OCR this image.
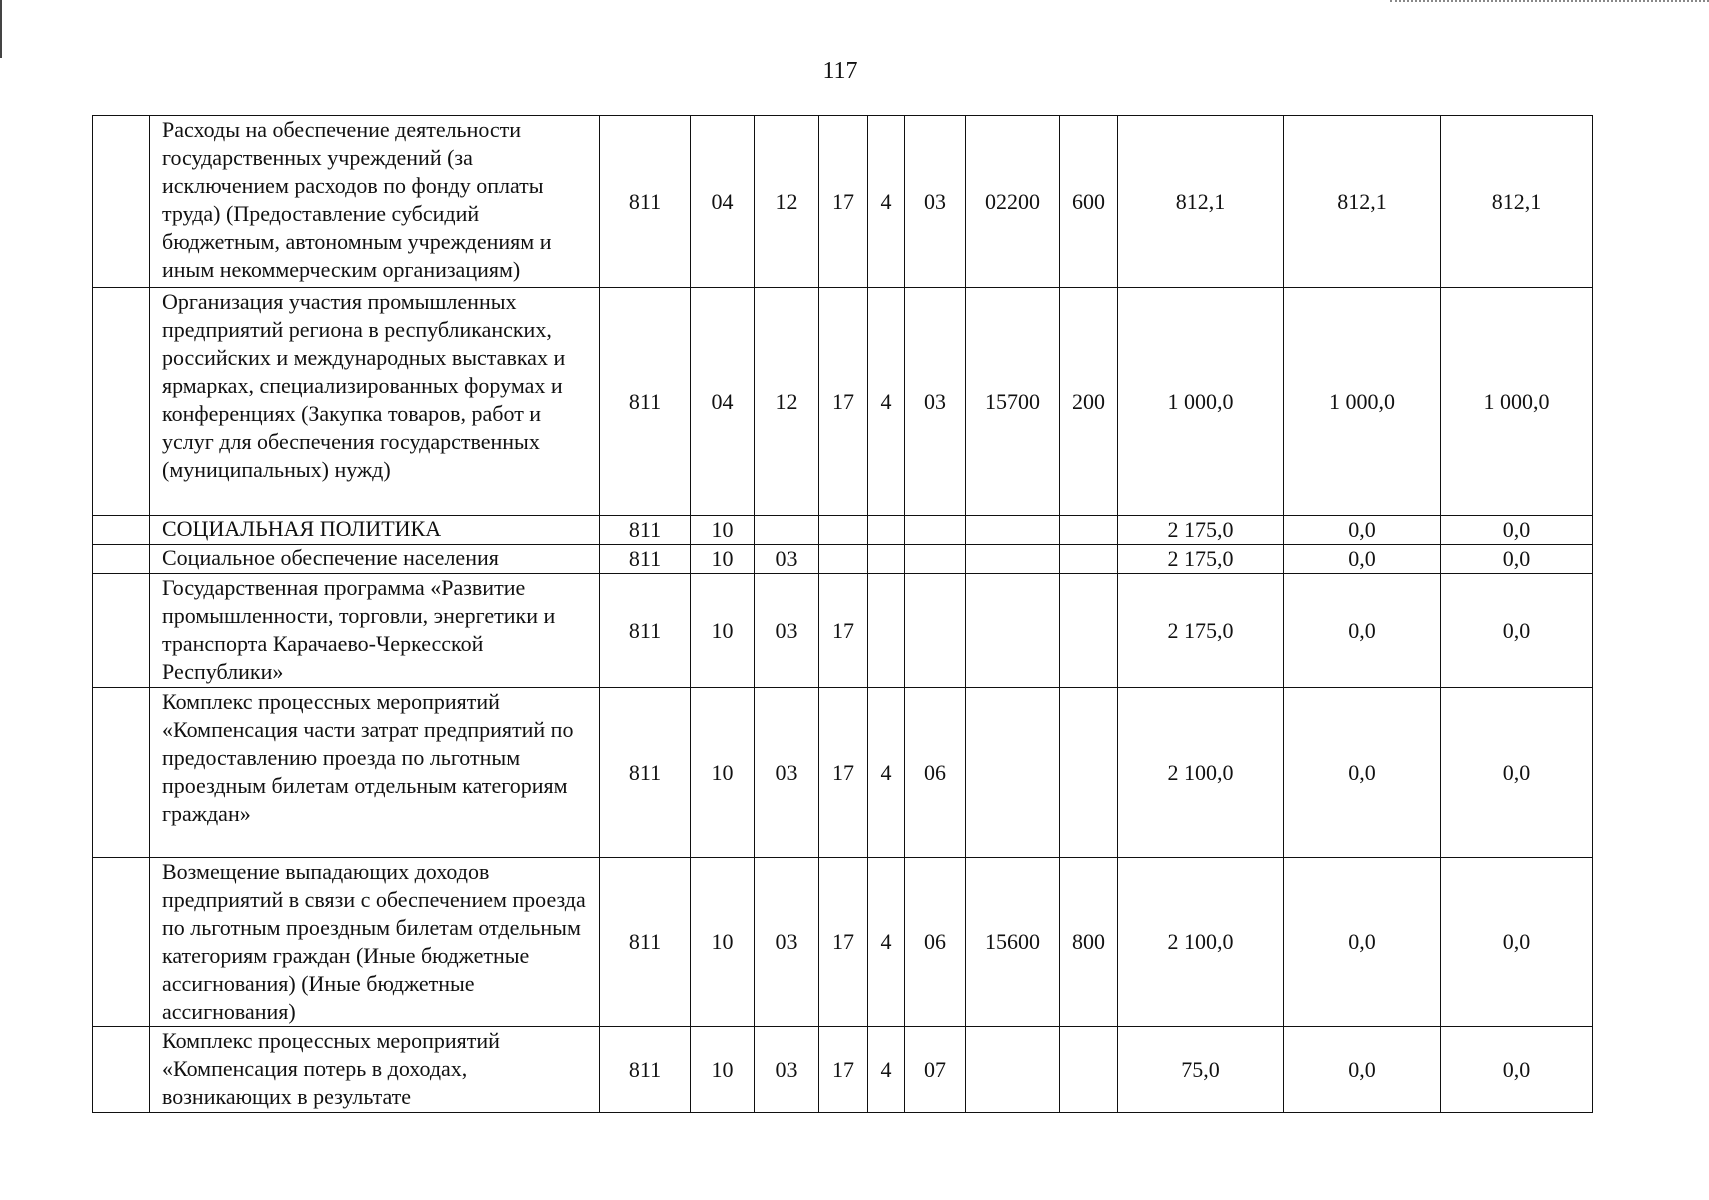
117
	Расходы на обеспечение деятельности государственных учреждений (за исключением расходов по фонду оплаты труда) (Предоставление субсидий бюджетным, автономным учреждениям и иным некоммерческим организациям)	811	04	12	17	4	03	02200	600	812,1	812,1	812,1
	Организация участия промышленных предприятий региона в республиканских, российских и международных выставках и ярмарках, специализированных форумах и конференциях (Закупка товаров, работ и услуг для обеспечения государственных (муниципальных) нужд)	811	04	12	17	4	03	15700	200	1 000,0	1 000,0	1 000,0
	СОЦИАЛЬНАЯ ПОЛИТИКА	811	10							2 175,0	0,0	0,0
	Социальное обеспечение населения	811	10	03						2 175,0	0,0	0,0
	Государственная программа «Развитие промышленности, торговли, энергетики и транспорта Карачаево-Черкесской Республики»	811	10	03	17					2 175,0	0,0	0,0
	Комплекс процессных мероприятий «Компенсация части затрат предприятий по предоставлению проезда по льготным проездным билетам отдельным категориям граждан»	811	10	03	17	4	06			2 100,0	0,0	0,0
	Возмещение выпадающих доходов предприятий в связи с обеспечением проезда по льготным проездным билетам отдельным категориям граждан (Иные бюджетные ассигнования) (Иные бюджетные ассигнования)	811	10	03	17	4	06	15600	800	2 100,0	0,0	0,0
	Комплекс процессных мероприятий «Компенсация потерь в доходах, возникающих в результате	811	10	03	17	4	07			75,0	0,0	0,0
